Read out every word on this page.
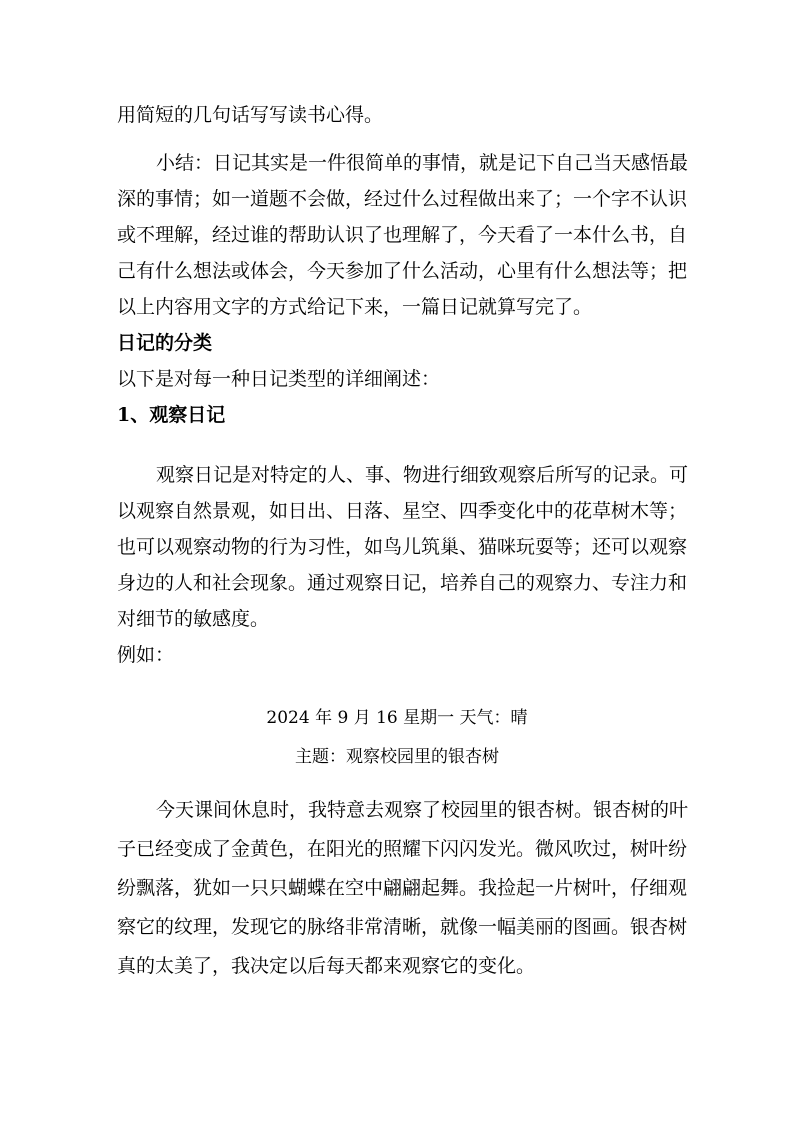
用简短的几句话写写读书心得。
小结：日记其实是一件很简单的事情，就是记下自己当天感悟最
深的事情；如一道题不会做，经过什么过程做出来了；一个字不认识
或不理解，经过谁的帮助认识了也理解了，今天看了一本什么书，自
己有什么想法或体会，今天参加了什么活动，心里有什么想法等；把
以上内容用文字的方式给记下来，一篇日记就算写完了。
日记的分类
以下是对每一种日记类型的详细阐述：
1、观察日记
观察日记是对特定的人、事、物进行细致观察后所写的记录。可
以观察自然景观，如日出、日落、星空、四季变化中的花草树木等；
也可以观察动物的行为习性，如鸟儿筑巢、猫咪玩耍等；还可以观察
身边的人和社会现象。通过观察日记，培养自己的观察力、专注力和
对细节的敏感度。
例如：
2024 年 9 月 16 星期一 天气：晴
主题：观察校园里的银杏树
今天课间休息时，我特意去观察了校园里的银杏树。银杏树的叶
子已经变成了金黄色，在阳光的照耀下闪闪发光。微风吹过，树叶纷
纷飘落，犹如一只只蝴蝶在空中翩翩起舞。我捡起一片树叶，仔细观
察它的纹理，发现它的脉络非常清晰，就像一幅美丽的图画。银杏树
真的太美了，我决定以后每天都来观察它的变化。
